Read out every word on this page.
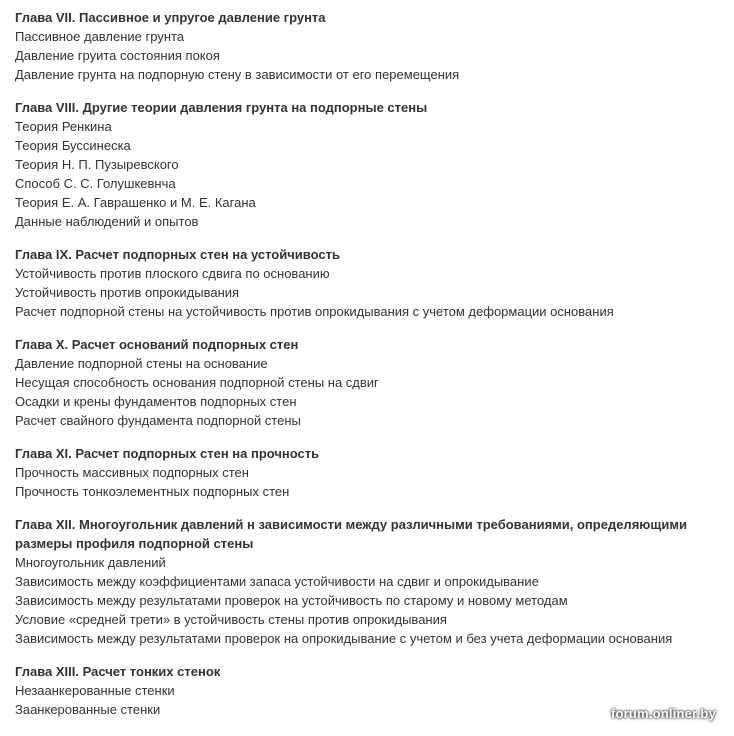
Глава VII. Пассивное и упругое давление грунта
Пассивное давление грунта
Давление груита состояния покоя
Давление грунта на подпорную стену в зависимости от его перемещения
Глава VIII. Другие теории давления грунта на подпорные стены
Теория Ренкина
Теория Буссинеска
Теория Н. П. Пузыревского
Способ С. С. Голушкевнча
Теория Е. А. Гаврашенко и М. Е. Кагана
Данные наблюдений и опытов
Глава IX. Расчет подпорных стен на устойчивость
Устойчивость против плоского сдвига по основанию
Устойчивость против опрокидывания
Расчет подпорной стены на устойчивость против опрокидывания с учетом деформации основания
Глава X. Расчет оснований подпорных стен
Давление подпорной стены на основание
Несущая способность основания подпорной стены на сдвиг
Осадки и крены фундаментов подпорных стен
Расчет свайного фундамента подпорной стены
Глава XI. Расчет подпорных стен на прочность
Прочность массивных подпорных стен
Прочность тонкоэлементных подпорных стен
Глава XII. Многоугольник давлений н зависимости между различными требованиями, определяющими размеры профиля подпорной стены
Многоугольник давлений
Зависимость между коэффициентами запаса устойчивости на сдвиг и опрокидывание
Зависимость между результатами проверок на устойчивость по старому и новому методам
Условие «средней трети» в устойчивость стены против опрокидывания
Зависимость между результатами проверок на опрокидывание с учетом и без учета деформации основания
Глава XIII. Расчет тонких стенок
Незаанкерованные стенки
Заанкерованные стенки	forum.onliner.by
